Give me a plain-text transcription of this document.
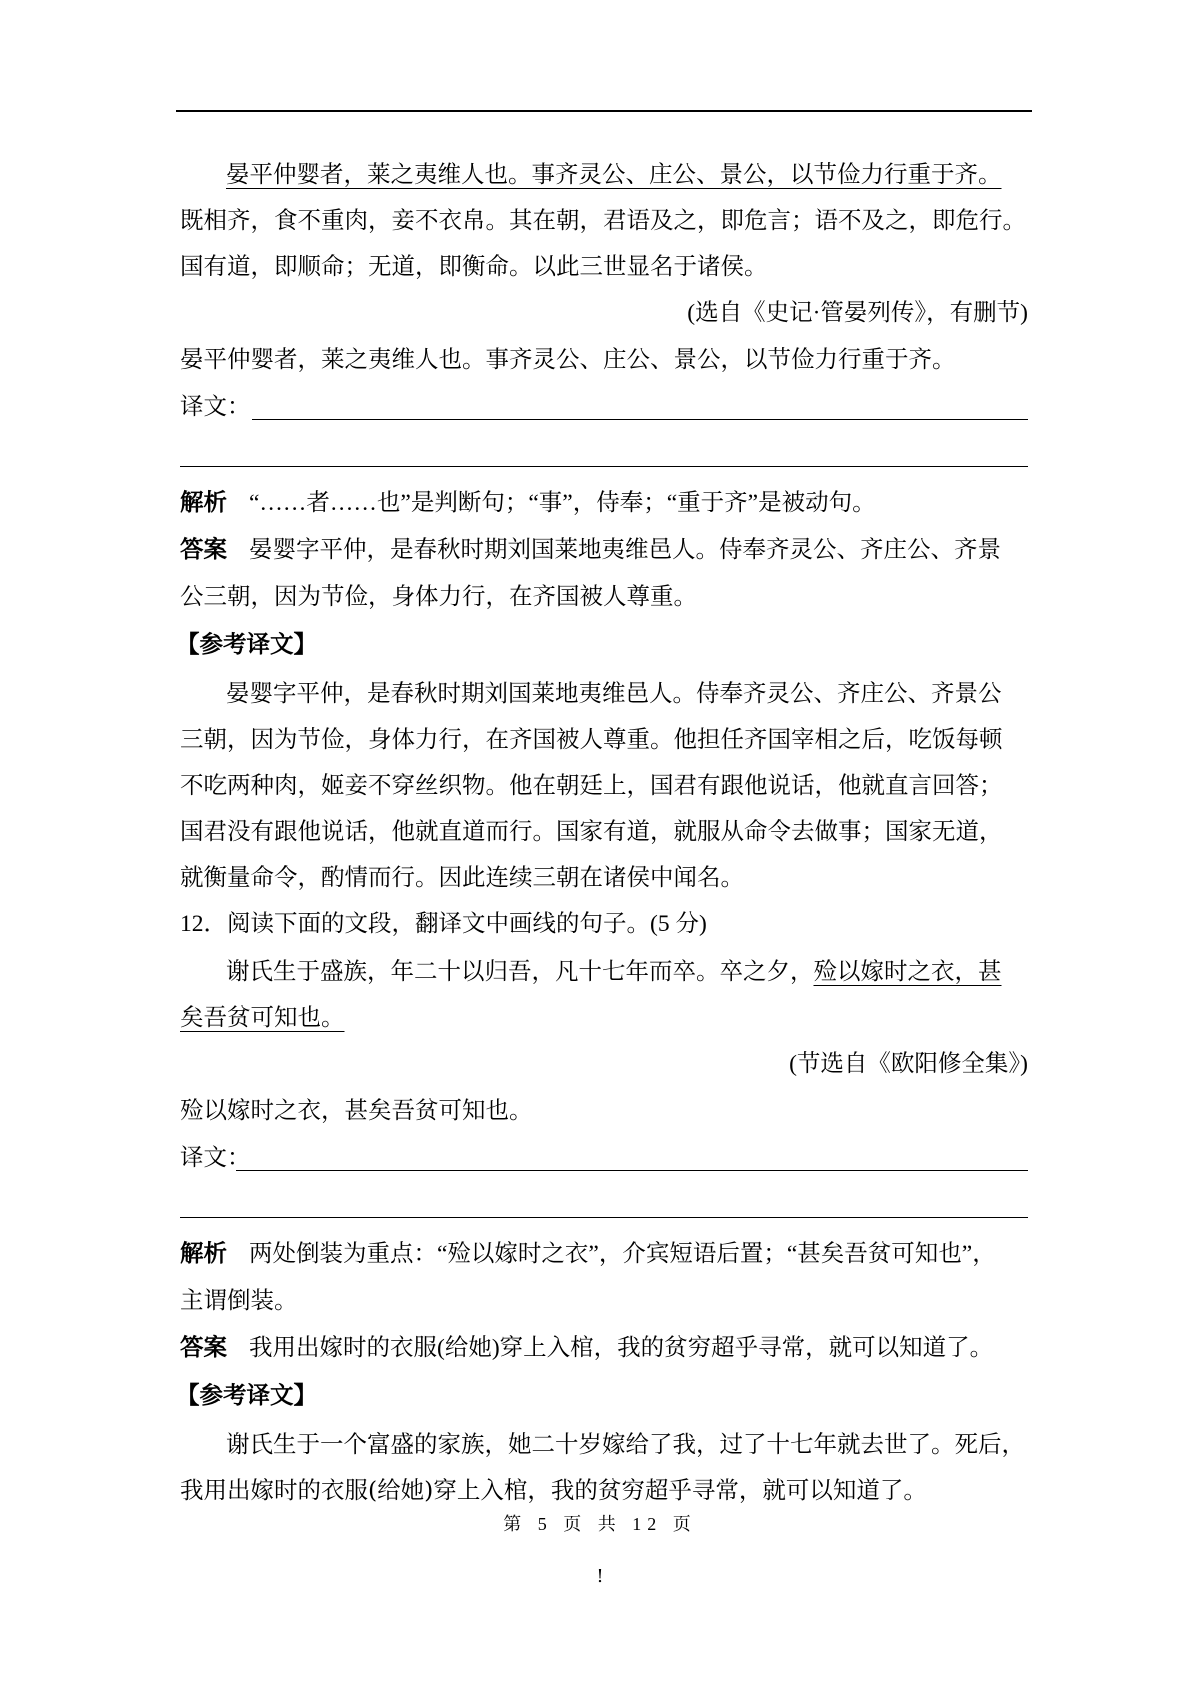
晏平仲婴者，莱之夷维人也。事齐灵公、庄公、景公，以节俭力行重于齐。
既相齐，食不重肉，妾不衣帛。其在朝，君语及之，即危言；语不及之，即危行。
国有道，即顺命；无道，即衡命。以此三世显名于诸侯。
(选自《史记·管晏列传》，有删节)
晏平仲婴者，莱之夷维人也。事齐灵公、庄公、景公，以节俭力行重于齐。
译文：
解析 “……者……也”是判断句；“事”，侍奉；“重于齐”是被动句。
答案 晏婴字平仲，是春秋时期刘国莱地夷维邑人。侍奉齐灵公、齐庄公、齐景
公三朝，因为节俭，身体力行，在齐国被人尊重。
【参考译文】
晏婴字平仲，是春秋时期刘国莱地夷维邑人。侍奉齐灵公、齐庄公、齐景公
三朝，因为节俭，身体力行，在齐国被人尊重。他担任齐国宰相之后，吃饭每顿
不吃两种肉，姬妾不穿丝织物。他在朝廷上，国君有跟他说话，他就直言回答；
国君没有跟他说话，他就直道而行。国家有道，就服从命令去做事；国家无道，
就衡量命令，酌情而行。因此连续三朝在诸侯中闻名。
12．阅读下面的文段，翻译文中画线的句子。(5 分)
谢氏生于盛族，年二十以归吾，凡十七年而卒。卒之夕，殓以嫁时之衣，甚
矣吾贫可知也。
(节选自《欧阳修全集》)
殓以嫁时之衣，甚矣吾贫可知也。
译文：
解析 两处倒装为重点：“殓以嫁时之衣”，介宾短语后置；“甚矣吾贫可知也”，
主谓倒装。
答案 我用出嫁时的衣服(给她)穿上入棺，我的贫穷超乎寻常，就可以知道了。
【参考译文】
谢氏生于一个富盛的家族，她二十岁嫁给了我，过了十七年就去世了。死后，
我用出嫁时的衣服(给她)穿上入棺，我的贫穷超乎寻常，就可以知道了。
第 5 页 共 12 页
!
